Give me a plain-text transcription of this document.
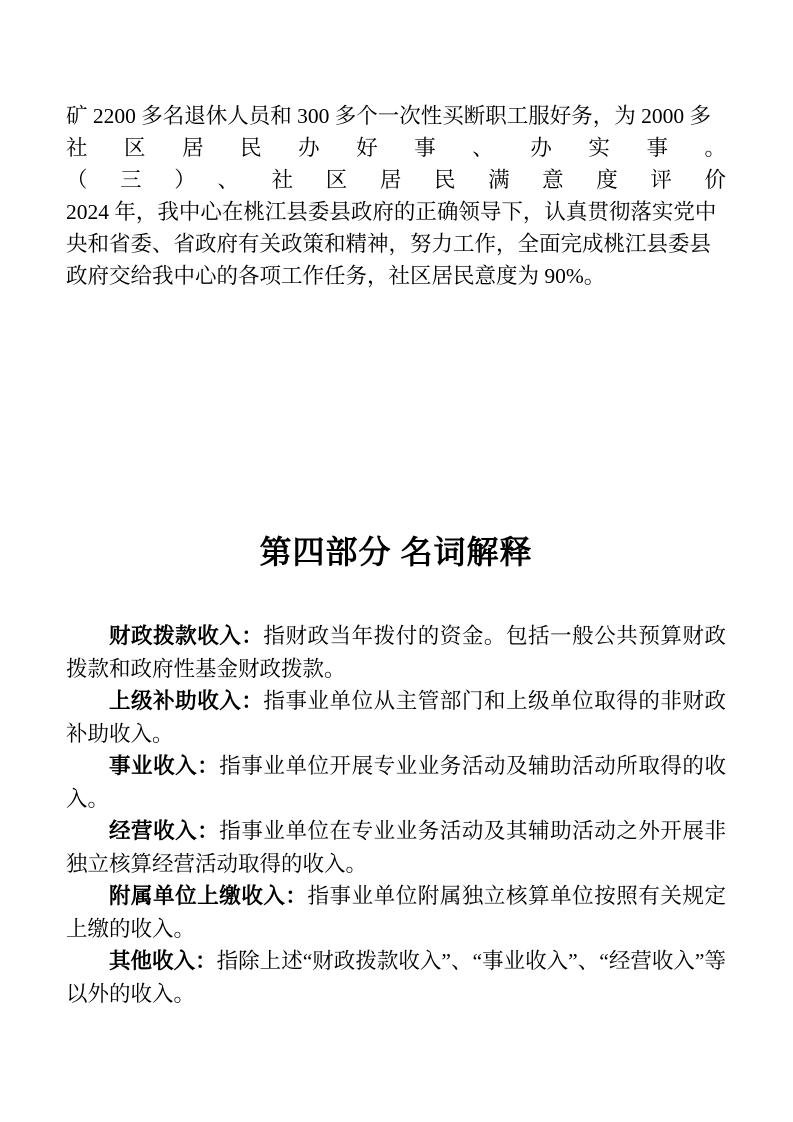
矿 2200 多名退休人员和 300 多个一次性买断职工服好务，为 2000 多
社区居民办好事、办实事。
（三）、社区居民满意度评价
2024 年，我中心在桃江县委县政府的正确领导下，认真贯彻落实党中
央和省委、省政府有关政策和精神，努力工作，全面完成桃江县委县
政府交给我中心的各项工作任务，社区居民意度为 90%。
第四部分 名词解释

财政拨款收入：指财政当年拨付的资金。包括一般公共预算财政拨款和政府性基金财政拨款。

上级补助收入：指事业单位从主管部门和上级单位取得的非财政补助收入。

事业收入：指事业单位开展专业业务活动及辅助活动所取得的收入。

经营收入：指事业单位在专业业务活动及其辅助活动之外开展非独立核算经营活动取得的收入。

附属单位上缴收入：指事业单位附属独立核算单位按照有关规定上缴的收入。

其他收入：指除上述“财政拨款收入”、“事业收入”、“经营收入”等以外的收入。
